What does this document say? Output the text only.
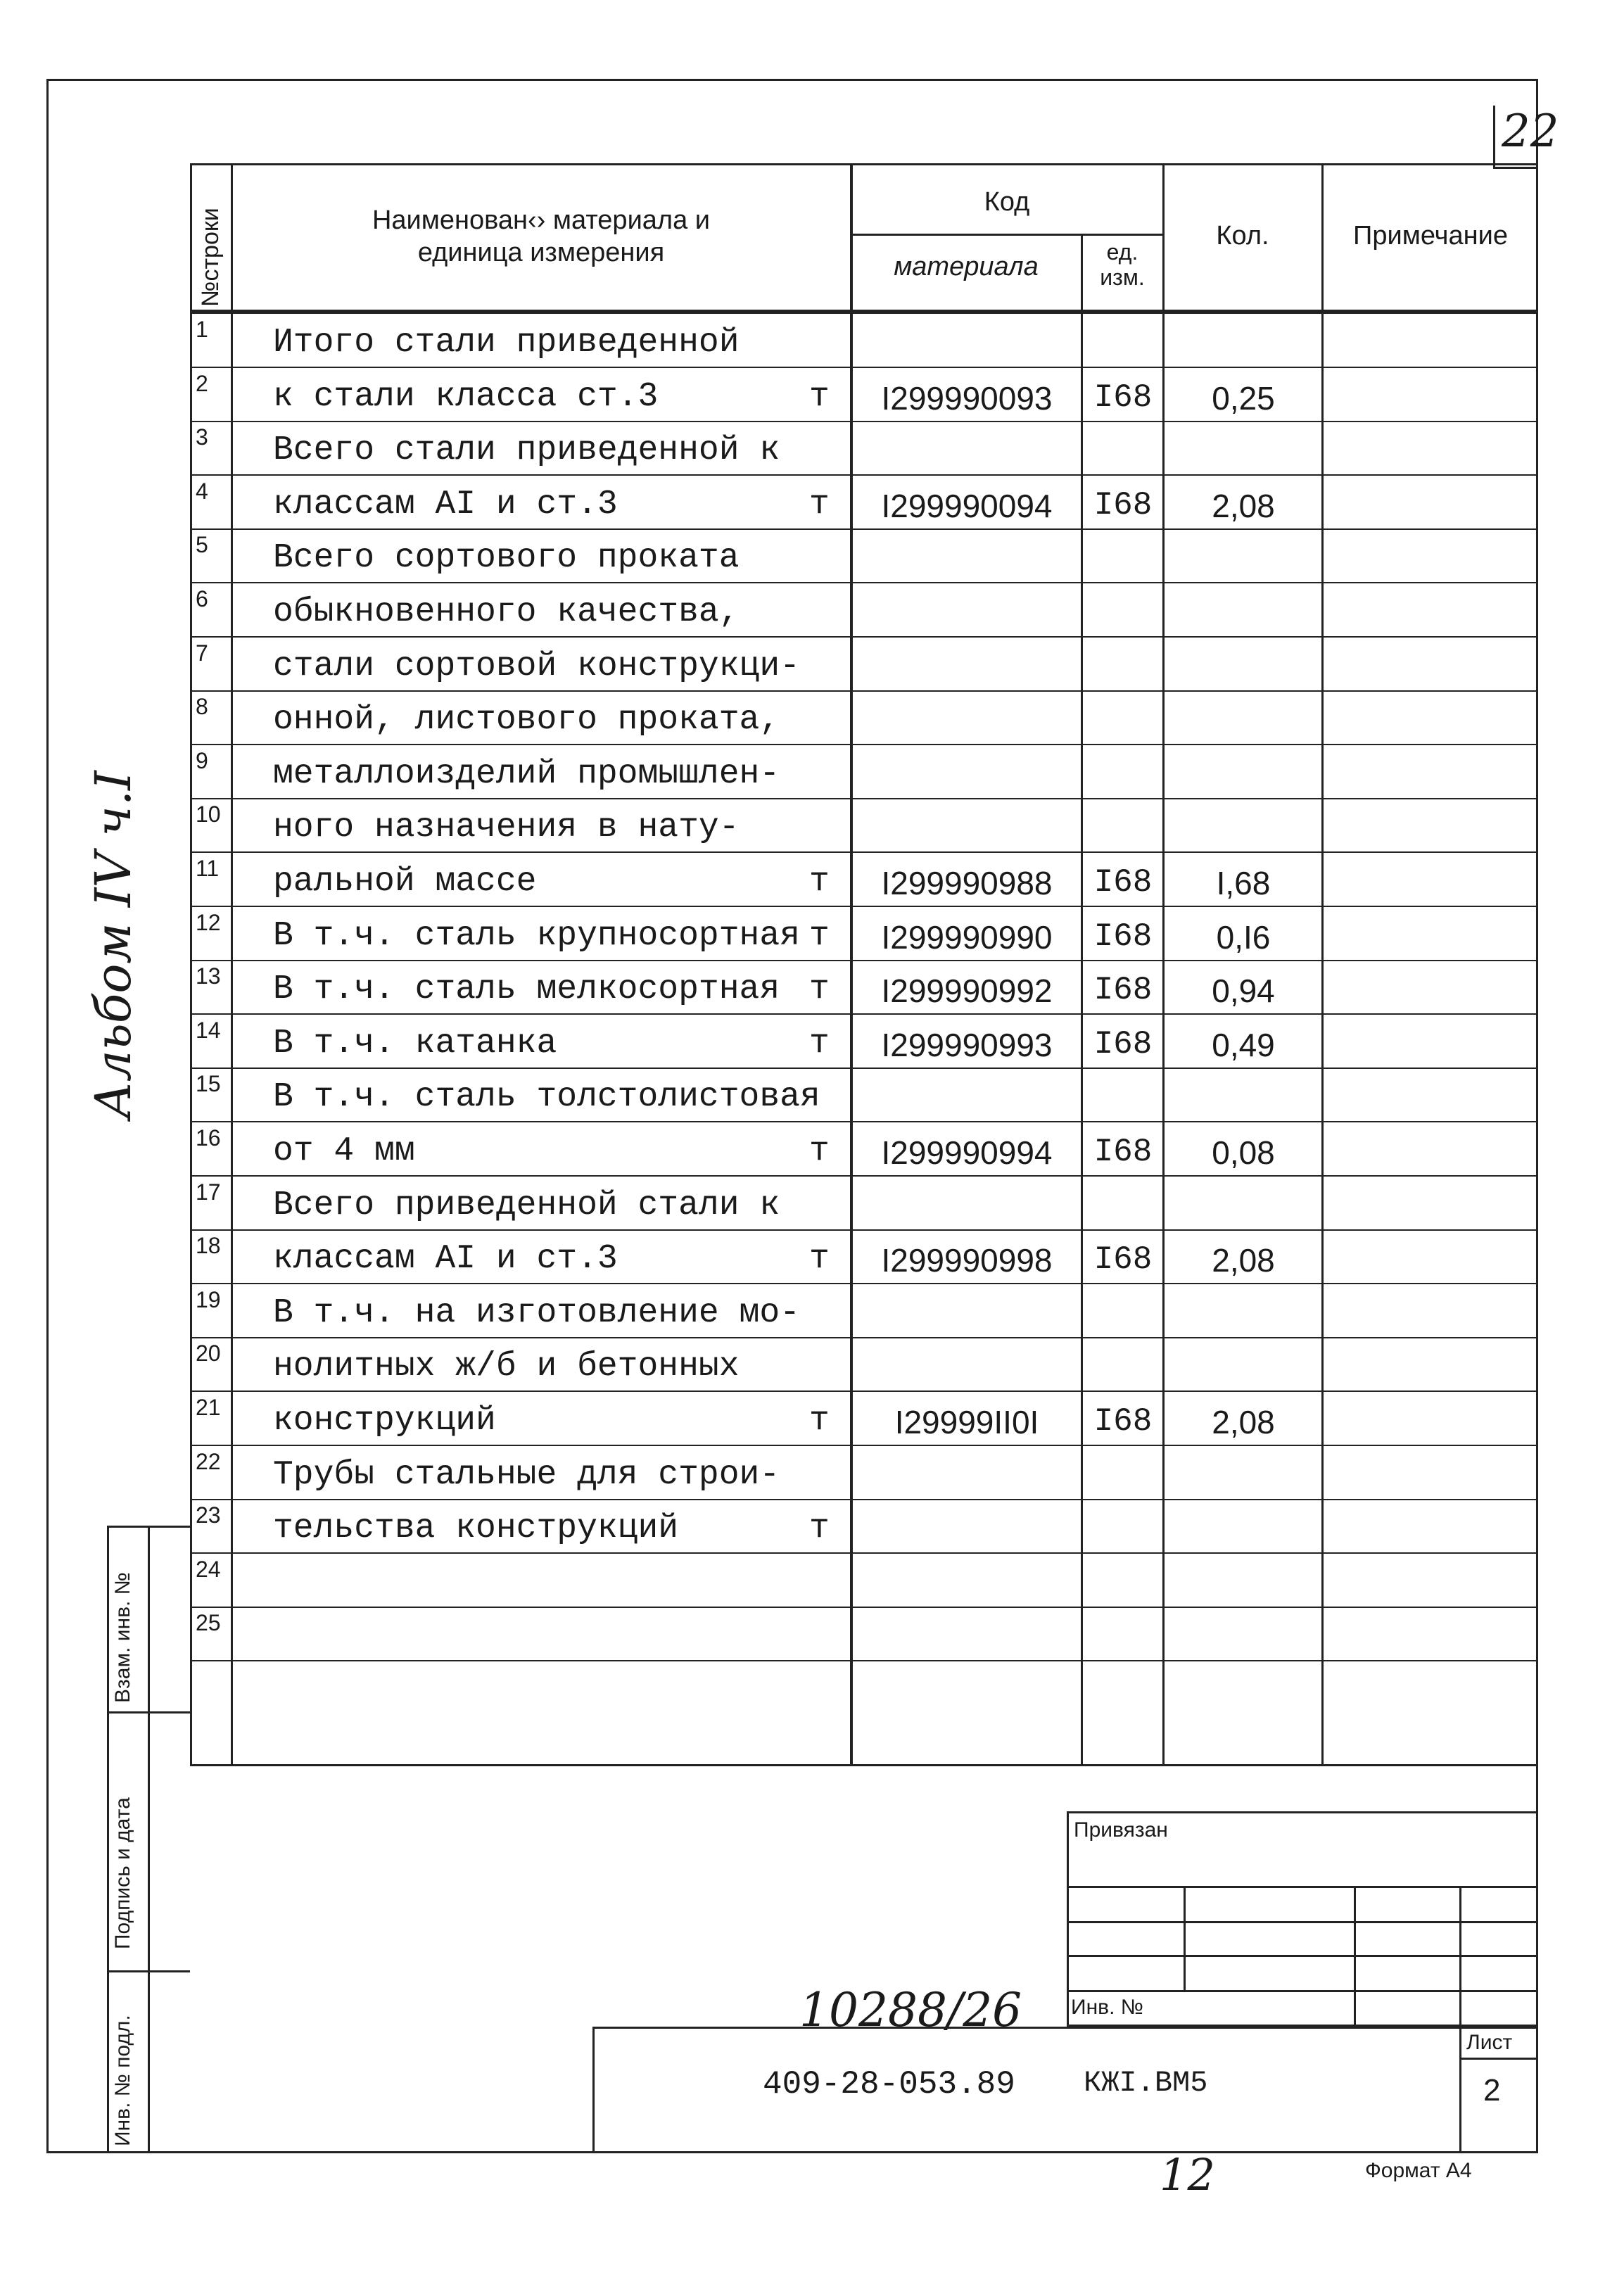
22
№строки	Наименован‹› материала и
единица измерения
Код
материала	ед.
изм.
Кол.	Примечание
1 Итого стали приведенной
2 к стали класса ст.3	т	I299990093	I68	0,25
3 Всего стали приведенной к
4 классам AI и ст.3	т	I299990094	I68	2,08
5 Всего сортового проката
6 обыкновенного качества,
7 стали сортовой конструкци-
8 онной, листового проката,
9 металлоизделий промышлен-
10 ного назначения в нату-
11 ральной массе	т	I299990988	I68	I,68
12 В т.ч. сталь крупносортная т	I299990990	I68	0,I6
13 В т.ч. сталь мелкосортная т	I299990992	I68	0,94
14 В т.ч. катанка	т	I299990993	I68	0,49
15 В т.ч. сталь толстолистовая
16 от 4 мм	т	I299990994	I68	0,08
17 Всего приведенной стали к
18 классам AI и ст.3	т	I299990998	I68	2,08
19 В т.ч. на изготовление мо-
20 нолитных ж/б и бетонных
21 конструкций	т	I29999II0I	I68	2,08
22 Трубы стальные для строи-
23 тельства конструкций	т
24
25
Взам. инв. №
Подпись и дата
Инв. № подл.
Альбом IV ч.I
Привязан
Инв. №
10288/26
Лист
2
409-28-053.89 КЖI.ВМ5
12	Формат А4
